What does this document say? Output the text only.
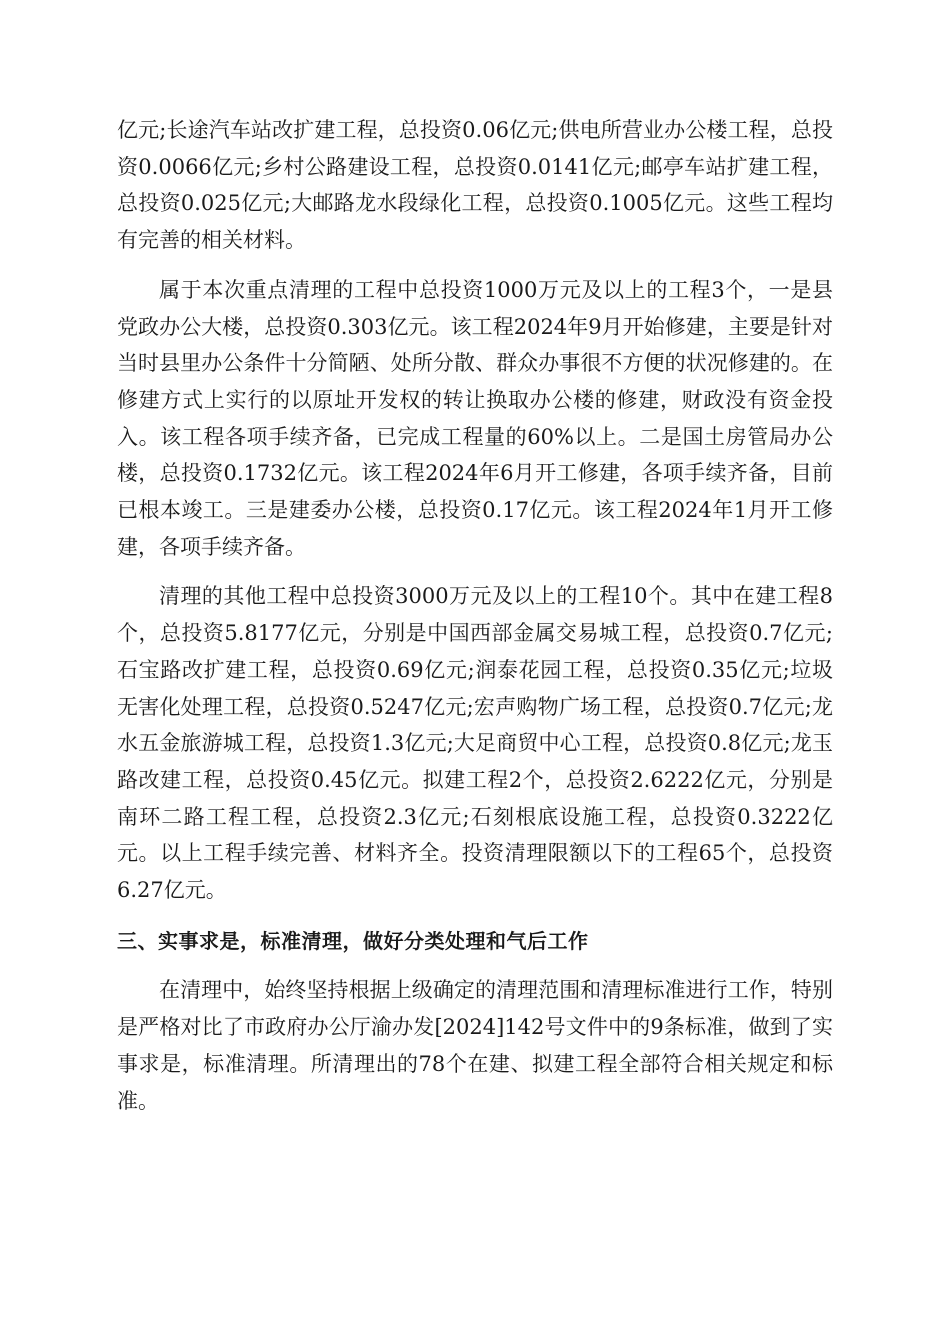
亿元;长途汽车站改扩建工程，总投资0.06亿元;供电所营业办公楼工程，总投资0.0066亿元;乡村公路建设工程，总投资0.0141亿元;邮亭车站扩建工程，总投资0.025亿元;大邮路龙水段绿化工程，总投资0.1005亿元。这些工程均有完善的相关材料。

属于本次重点清理的工程中总投资1000万元及以上的工程3个，一是县党政办公大楼，总投资0.303亿元。该工程2024年9月开始修建，主要是针对当时县里办公条件十分简陋、处所分散、群众办事很不方便的状况修建的。在修建方式上实行的以原址开发权的转让换取办公楼的修建，财政没有资金投入。该工程各项手续齐备，已完成工程量的60%以上。二是国土房管局办公楼，总投资0.1732亿元。该工程2024年6月开工修建，各项手续齐备，目前已根本竣工。三是建委办公楼，总投资0.17亿元。该工程2024年1月开工修建，各项手续齐备。

清理的其他工程中总投资3000万元及以上的工程10个。其中在建工程8个，总投资5.8177亿元，分别是中国西部金属交易城工程，总投资0.7亿元;石宝路改扩建工程，总投资0.69亿元;润泰花园工程，总投资0.35亿元;垃圾无害化处理工程，总投资0.5247亿元;宏声购物广场工程，总投资0.7亿元;龙水五金旅游城工程，总投资1.3亿元;大足商贸中心工程，总投资0.8亿元;龙玉路改建工程，总投资0.45亿元。拟建工程2个，总投资2.6222亿元，分别是南环二路工程工程，总投资2.3亿元;石刻根底设施工程，总投资0.3222亿元。以上工程手续完善、材料齐全。投资清理限额以下的工程65个，总投资6.27亿元。

三、实事求是，标准清理，做好分类处理和气后工作

在清理中，始终坚持根据上级确定的清理范围和清理标准进行工作，特别是严格对比了市政府办公厅渝办发[2024]142号文件中的9条标准，做到了实事求是，标准清理。所清理出的78个在建、拟建工程全部符合相关规定和标准。
